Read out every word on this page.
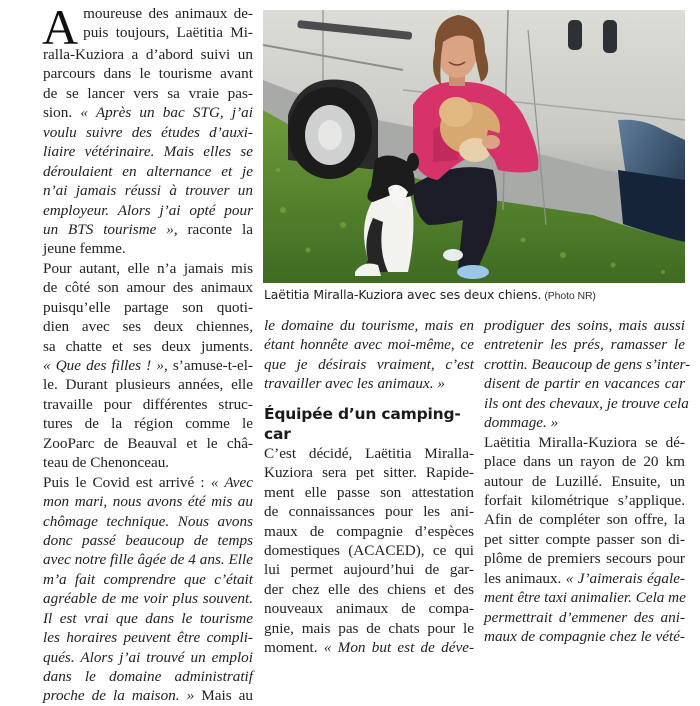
A moureuse des animaux de-
puis toujours, Laëtitia Mi-
ralla-Kuziora a d’abord suivi un
parcours dans le tourisme avant
de se lancer vers sa vraie pas-
sion. « Après un bac STG, j’ai
voulu suivre des études d’auxi-
liaire vétérinaire. Mais elles se
déroulaient en alternance et je
n’ai jamais réussi à trouver un
employeur. Alors j’ai opté pour
un BTS tourisme », raconte la
jeune femme.
Pour autant, elle n’a jamais mis
de côté son amour des animaux
puisqu’elle partage son quoti-
dien avec ses deux chiennes,
sa chatte et ses deux juments.
« Que des filles ! », s’amuse-t-el-
le. Durant plusieurs années, elle
travaille pour différentes struc-
tures de la région comme le
ZooParc de Beauval et le châ-
teau de Chenonceau.
Puis le Covid est arrivé : « Avec
mon mari, nous avons été mis au
chômage technique. Nous avons
donc passé beaucoup de temps
avec notre fille âgée de 4 ans. Elle
m’a fait comprendre que c’était
agréable de me voir plus souvent.
Il est vrai que dans le tourisme
les horaires peuvent être compli-
qués. Alors j’ai trouvé un emploi
dans le domaine administratif
proche de la maison. » Mais au
Laëtitia Miralla-Kuziora avec ses deux chiens. (Photo NR)
le domaine du tourisme, mais en
étant honnête avec moi-même, ce
que je désirais vraiment, c’est
travailler avec les animaux. »
Équipée d’un camping-car
C’est décidé, Laëtitia Miralla-
Kuziora sera pet sitter. Rapide-
ment elle passe son attestation
de connaissances pour les ani-
maux de compagnie d’espèces
domestiques (ACACED), ce qui
lui permet aujourd’hui de gar-
der chez elle des chiens et des
nouveaux animaux de compa-
gnie, mais pas de chats pour le
moment. « Mon but est de déve-
prodiguer des soins, mais aussi
entretenir les prés, ramasser le
crottin. Beaucoup de gens s’inter-
disent de partir en vacances car
ils ont des chevaux, je trouve cela
dommage. »
Laëtitia Miralla-Kuziora se dé-
place dans un rayon de 20 km
autour de Luzillé. Ensuite, un
forfait kilométrique s’applique.
Afin de compléter son offre, la
pet sitter compte passer son di-
plôme de premiers secours pour
les animaux. « J’aimerais égale-
ment être taxi animalier. Cela me
permettrait d’emmener des ani-
maux de compagnie chez le vété-
